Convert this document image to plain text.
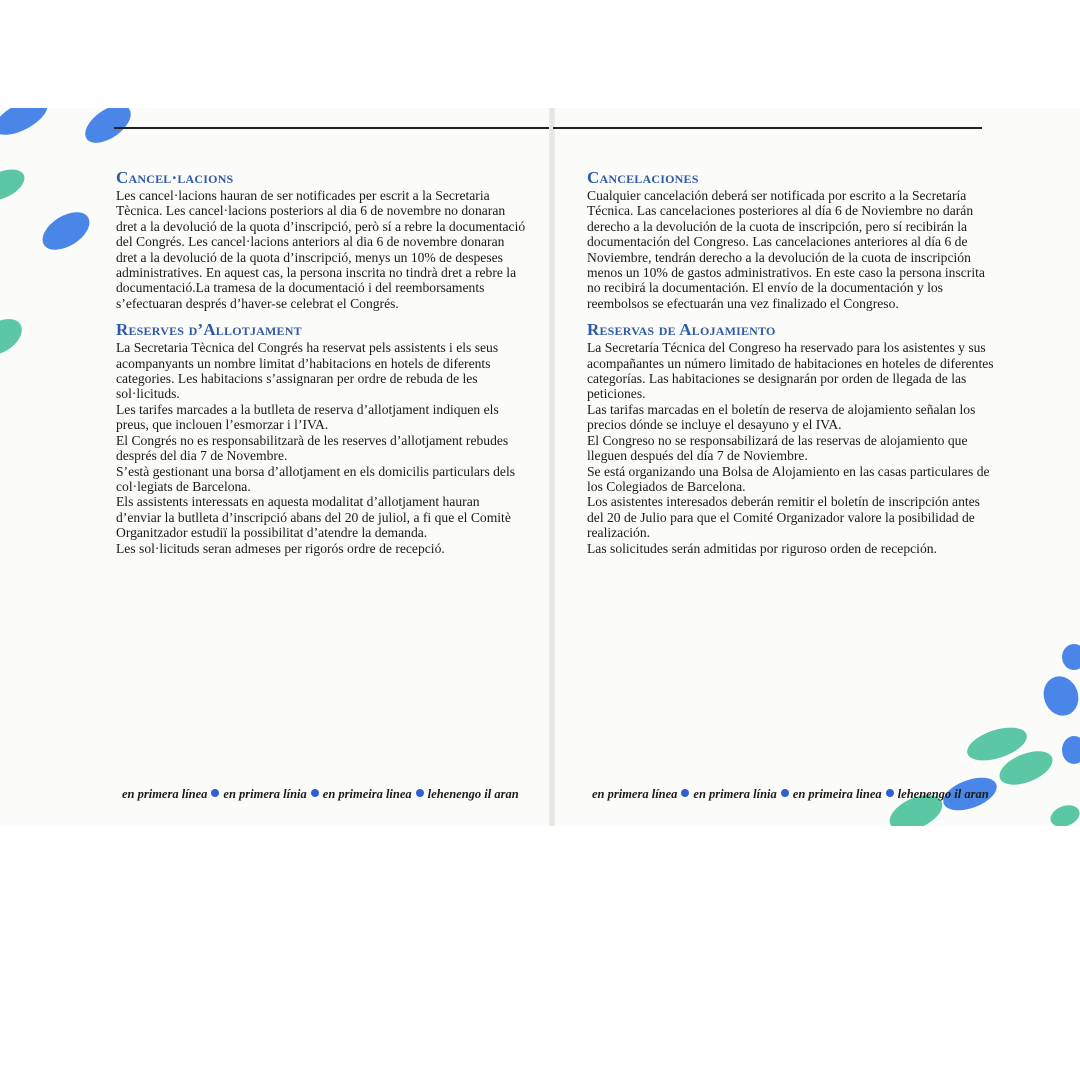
Cancel·lacions

Les cancel·lacions hauran de ser notificades per escrit a la Secretaria Tècnica. Les cancel·lacions posteriors al dia 6 de novembre no donaran dret a la devolució de la quota d’inscripció, però sí a rebre la documentació del Congrés. Les cancel·lacions anteriors al dia 6 de novembre donaran dret a la devolució de la quota d’inscripció, menys un 10% de despeses administratives. En aquest cas, la persona inscrita no tindrà dret a rebre la documentació.La tramesa de la documentació i del reemborsaments s’efectuaran després d’haver-se celebrat el Congrés.

Reserves d’Allotjament

La Secretaria Tècnica del Congrés ha reservat pels assistents i els seus acompanyants un nombre limitat d’habitacions en hotels de diferents categories. Les habitacions s’assignaran per ordre de rebuda de les sol·licituds.

Les tarifes marcades a la butlleta de reserva d’allotjament indiquen els preus, que inclouen l’esmorzar i l’IVA.

El Congrés no es responsabilitzarà de les reserves d’allotjament rebudes després del dia 7 de Novembre.

S’està gestionant una borsa d’allotjament en els domicilis particulars dels col·legiats de Barcelona.

Els assistents interessats en aquesta modalitat d’allotjament hauran d’enviar la butlleta d’inscripció abans del 20 de juliol, a fi que el Comitè Organitzador estudiï la possibilitat d’atendre la demanda.

Les sol·licituds seran admeses per rigorós ordre de recepció.

Cancelaciones

Cualquier cancelación deberá ser notificada por escrito a la Secretaría Técnica. Las cancelaciones posteriores al día 6 de Noviembre no darán derecho a la devolución de la cuota de inscripción, pero sí recibirán la documentación del Congreso. Las cancelaciones anteriores al día 6 de Noviembre, tendrán derecho a la devolución de la cuota de inscripción menos un 10% de gastos administrativos. En este caso la persona inscrita no recibirá la documentación. El envío de la documentación y los reembolsos se efectuarán una vez finalizado el Congreso.

Reservas de Alojamiento

La Secretaría Técnica del Congreso ha reservado para los asistentes y sus acompañantes un número limitado de habitaciones en hoteles de diferentes categorías. Las habitaciones se designarán por orden de llegada de las peticiones.

Las tarifas marcadas en el boletín de reserva de alojamiento señalan los precios dónde se incluye el desayuno y el IVA.

El Congreso no se responsabilizará de las reservas de alojamiento que lleguen después del día 7 de Noviembre.

Se está organizando una Bolsa de Alojamiento en las casas particulares de los Colegiados de Barcelona.

Los asistentes interesados deberán remitir el boletín de inscripción antes del 20 de Julio para que el Comité Organizador valore la posibilidad de realización.

Las solicitudes serán admitidas por riguroso orden de recepción.

en primera línea en primera línia en primeira linea lehenengo il aran	en primera línea en primera línia en primeira linea lehenengo il aran
